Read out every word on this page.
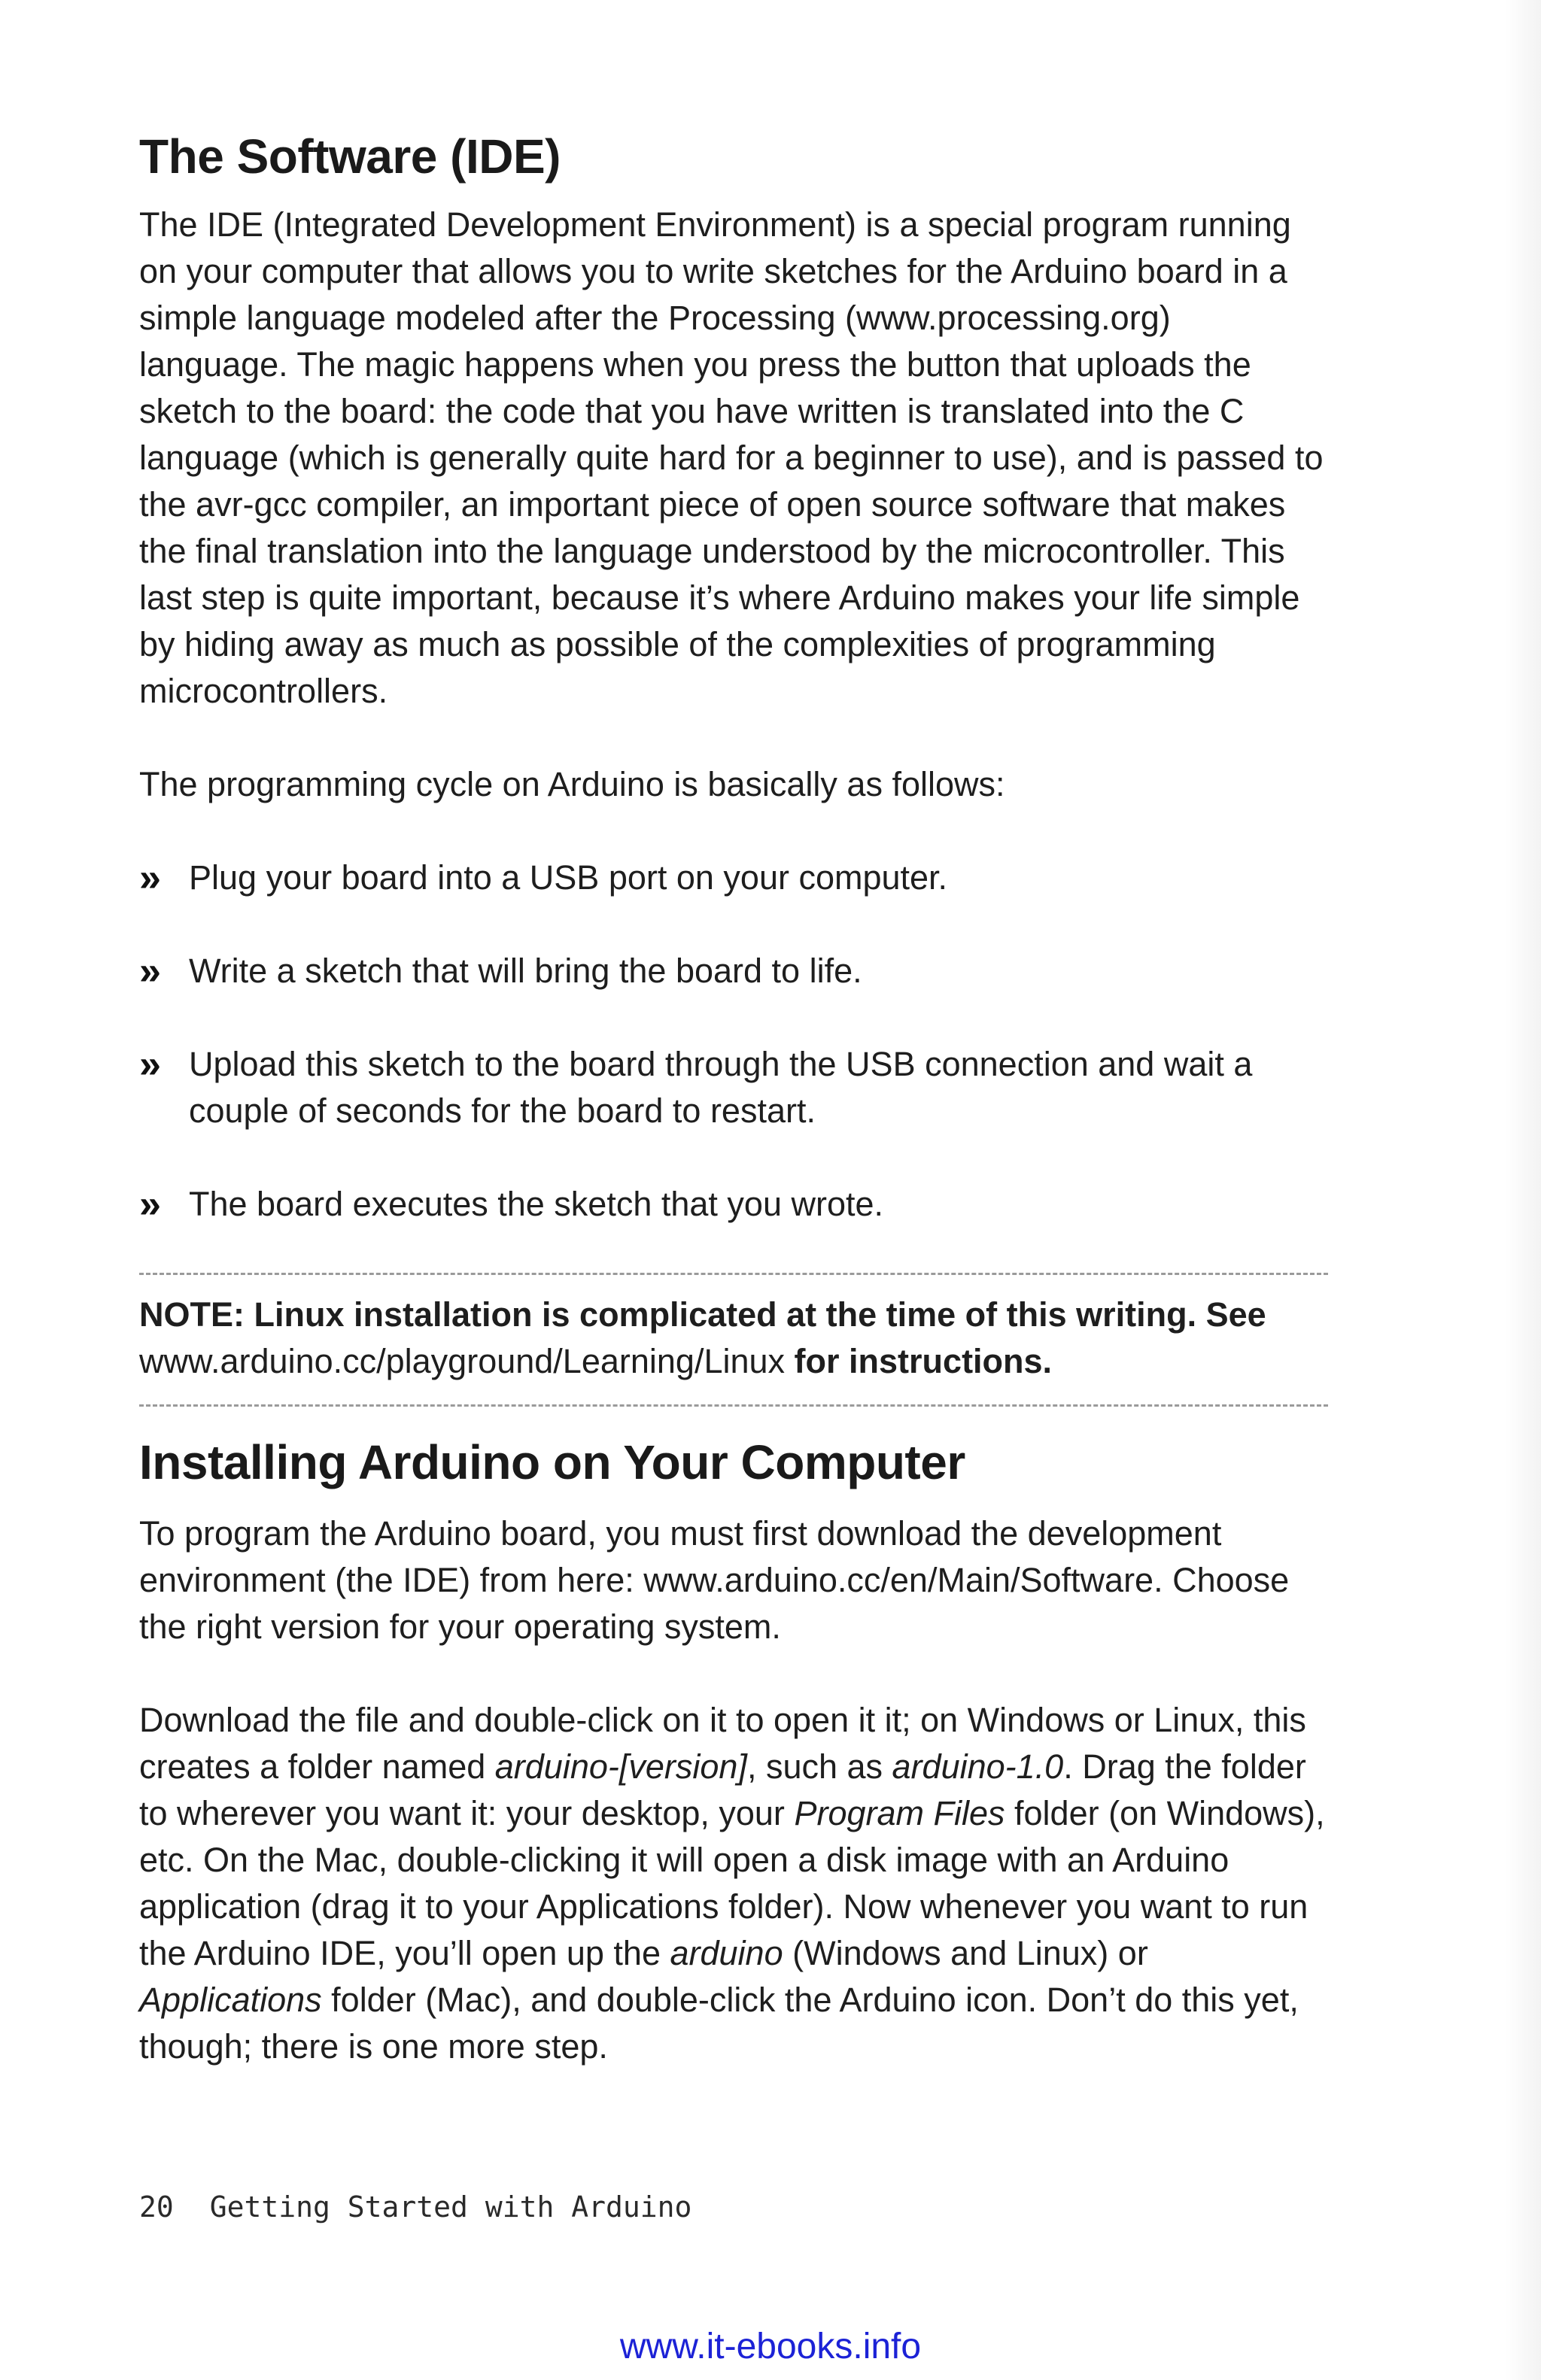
The Software (IDE)

The IDE (Integrated Development Environment) is a special program running on your computer that allows you to write sketches for the Arduino board in a simple language modeled after the Processing (www.processing.org) language. The magic happens when you press the button that uploads the sketch to the board: the code that you have written is translated into the C language (which is generally quite hard for a beginner to use), and is passed to the avr-gcc compiler, an important piece of open source software that makes the final translation into the language understood by the microcontroller. This last step is quite important, because it’s where Arduino makes your life simple by hiding away as much as possible of the complexities of programming microcontrollers.

The programming cycle on Arduino is basically as follows:

» Plug your board into a USB port on your computer.
» Write a sketch that will bring the board to life.
» Upload this sketch to the board through the USB connection and wait a couple of seconds for the board to restart.
» The board executes the sketch that you wrote.

NOTE: Linux installation is complicated at the time of this writing. See www.arduino.cc/playground/Learning/Linux for instructions.

Installing Arduino on Your Computer

To program the Arduino board, you must first download the development environment (the IDE) from here: www.arduino.cc/en/Main/Software. Choose the right version for your operating system.

Download the file and double-click on it to open it it; on Windows or Linux, this creates a folder named arduino-[version], such as arduino-1.0. Drag the folder to wherever you want it: your desktop, your Program Files folder (on Windows), etc. On the Mac, double-clicking it will open a disk image with an Arduino application (drag it to your Applications folder). Now whenever you want to run the Arduino IDE, you’ll open up the arduino (Windows and Linux) or Applications folder (Mac), and double-click the Arduino icon. Don’t do this yet, though; there is one more step.

20 Getting Started with Arduino
www.it-ebooks.info
